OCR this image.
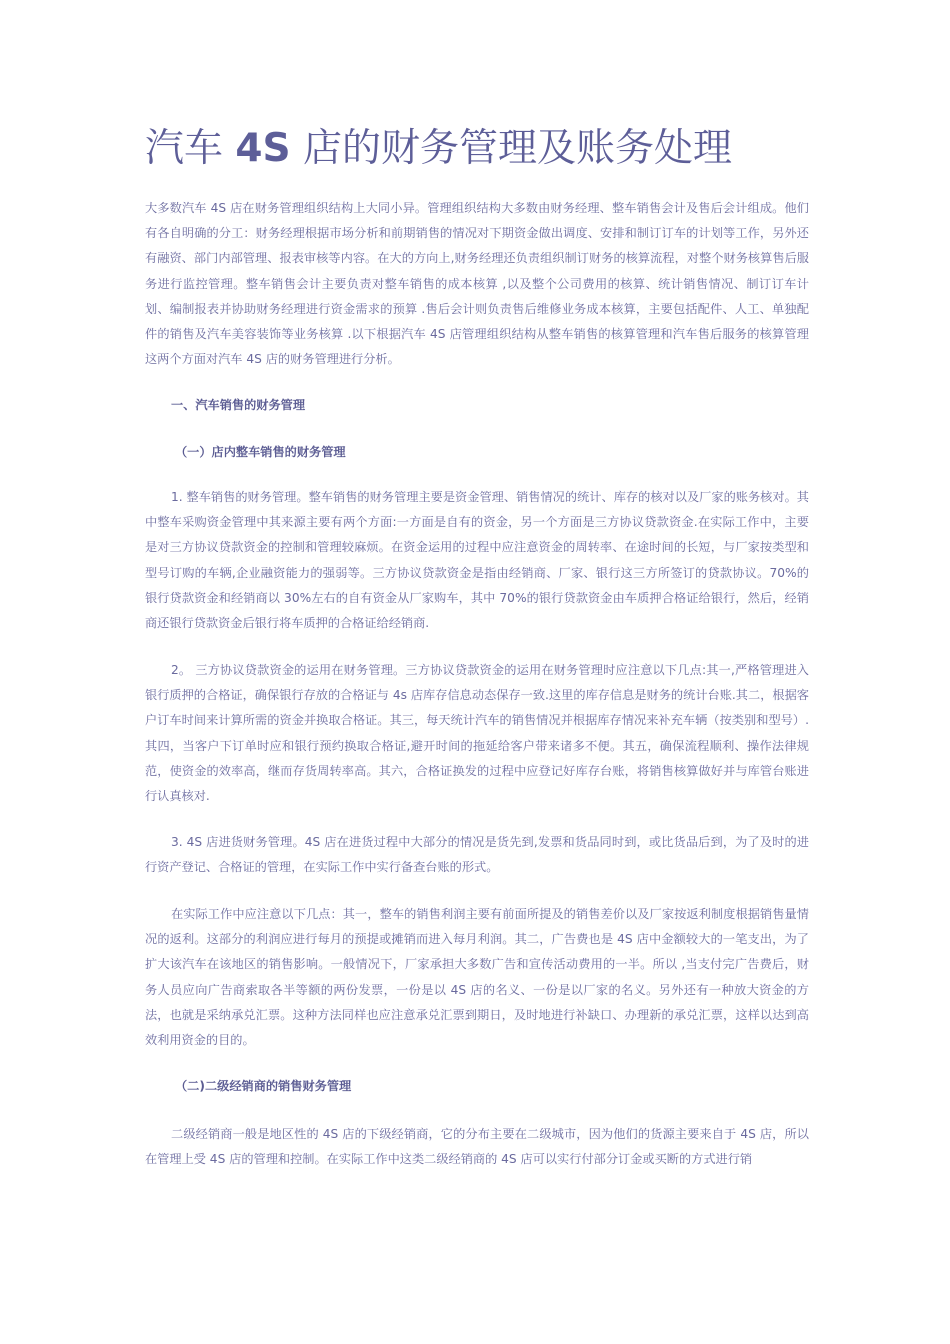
汽车 4S 店的财务管理及账务处理

大多数汽车 4S 店在财务管理组织结构上大同小异。管理组织结构大多数由财务经理、整车销售会计及售后会计组成。他们有各自明确的分工：财务经理根据市场分析和前期销售的情况对下期资金做出调度、安排和制订订车的计划等工作，另外还有融资、部门内部管理、报表审核等内容。在大的方向上,财务经理还负责组织制订财务的核算流程，对整个财务核算售后服务进行监控管理。整车销售会计主要负责对整车销售的成本核算 ,以及整个公司费用的核算、统计销售情况、制订订车计划、编制报表并协助财务经理进行资金需求的预算 .售后会计则负责售后维修业务成本核算，主要包括配件、人工、单独配件的销售及汽车美容装饰等业务核算 .以下根据汽车 4S 店管理组织结构从整车销售的核算管理和汽车售后服务的核算管理这两个方面对汽车 4S 店的财务管理进行分析。

一、汽车销售的财务管理

（一）店内整车销售的财务管理

1. 整车销售的财务管理。整车销售的财务管理主要是资金管理、销售情况的统计、库存的核对以及厂家的账务核对。其中整车采购资金管理中其来源主要有两个方面:一方面是自有的资金，另一个方面是三方协议贷款资金.在实际工作中，主要是对三方协议贷款资金的控制和管理较麻烦。在资金运用的过程中应注意资金的周转率、在途时间的长短，与厂家按类型和型号订购的车辆,企业融资能力的强弱等。三方协议贷款资金是指由经销商、厂家、银行这三方所签订的贷款协议。70%的银行贷款资金和经销商以 30%左右的自有资金从厂家购车，其中 70%的银行贷款资金由车质押合格证给银行，然后，经销商还银行贷款资金后银行将车质押的合格证给经销商.

2。 三方协议贷款资金的运用在财务管理。三方协议贷款资金的运用在财务管理时应注意以下几点:其一,严格管理进入银行质押的合格证，确保银行存放的合格证与 4s 店库存信息动态保存一致.这里的库存信息是财务的统计台账.其二，根据客户订车时间来计算所需的资金并换取合格证。其三，每天统计汽车的销售情况并根据库存情况来补充车辆（按类别和型号）.其四，当客户下订单时应和银行预约换取合格证,避开时间的拖延给客户带来诸多不便。其五，确保流程顺利、操作法律规范，使资金的效率高，继而存货周转率高。其六，合格证换发的过程中应登记好库存台账，将销售核算做好并与库管台账进行认真核对.

3. 4S 店进货财务管理。4S 店在进货过程中大部分的情况是货先到,发票和货品同时到，或比货品后到，为了及时的进行资产登记、合格证的管理，在实际工作中实行备查台账的形式。

在实际工作中应注意以下几点：其一，整车的销售利润主要有前面所提及的销售差价以及厂家按返利制度根据销售量情况的返利。这部分的利润应进行每月的预提或摊销而进入每月利润。其二，广告费也是 4S 店中金额较大的一笔支出，为了扩大该汽车在该地区的销售影响。一般情况下，厂家承担大多数广告和宣传活动费用的一半。所以 ,当支付完广告费后，财务人员应向广告商索取各半等额的两份发票，一份是以 4S 店的名义、一份是以厂家的名义。另外还有一种放大资金的方法，也就是采纳承兑汇票。这种方法同样也应注意承兑汇票到期日，及时地进行补缺口、办理新的承兑汇票，这样以达到高效利用资金的目的。

（二)二级经销商的销售财务管理

二级经销商一般是地区性的 4S 店的下级经销商，它的分布主要在二级城市，因为他们的货源主要来自于 4S 店，所以在管理上受 4S 店的管理和控制。在实际工作中这类二级经销商的 4S 店可以实行付部分订金或买断的方式进行销
